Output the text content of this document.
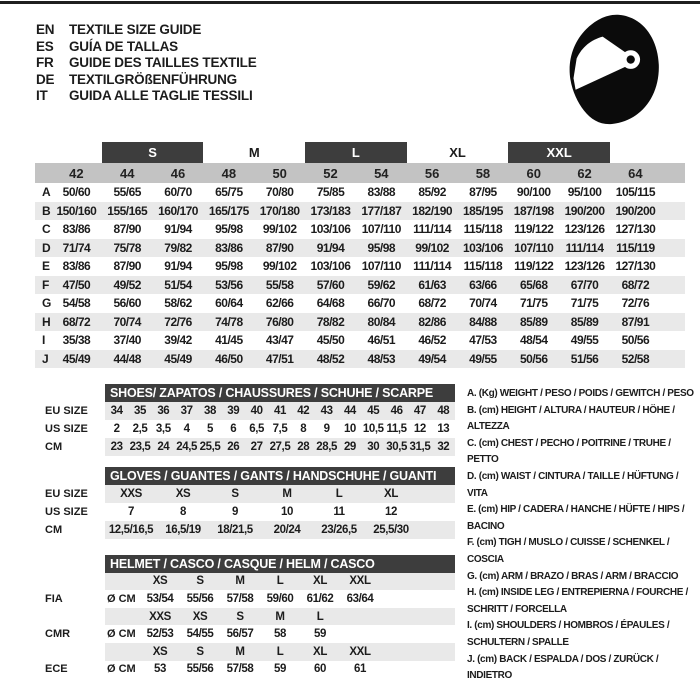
EN	TEXTILE SIZE GUIDE
ES	GUÍA DE TALLAS
FR	GUIDE DES TAILLES TEXTILE
DE	TEXTILGRÖßENFÜHRUNG
IT	GUIDA ALLE TAGLIE TESSILI
		S		M		L		XL		XXL			
	42	44	46	48	50	52	54	56	58	60	62	64	
A	50/60	55/65	60/70	65/75	70/80	75/85	83/88	85/92	87/95	90/100	95/100	105/115	
B	150/160	155/165	160/170	165/175	170/180	173/183	177/187	182/190	185/195	187/198	190/200	190/200	
C	83/86	87/90	91/94	95/98	99/102	103/106	107/110	111/114	115/118	119/122	123/126	127/130	
D	71/74	75/78	79/82	83/86	87/90	91/94	95/98	99/102	103/106	107/110	111/114	115/119	
E	83/86	87/90	91/94	95/98	99/102	103/106	107/110	111/114	115/118	119/122	123/126	127/130	
F	47/50	49/52	51/54	53/56	55/58	57/60	59/62	61/63	63/66	65/68	67/70	68/72	
G	54/58	56/60	58/62	60/64	62/66	64/68	66/70	68/72	70/74	71/75	71/75	72/76	
H	68/72	70/74	72/76	74/78	76/80	78/82	80/84	82/86	84/88	85/89	85/89	87/91	
I	35/38	37/40	39/42	41/45	43/47	45/50	46/51	46/52	47/53	48/54	49/55	50/56	
J	45/49	44/48	45/49	46/50	47/51	48/52	48/53	49/54	49/55	50/56	51/56	52/58	
	SHOES/ ZAPATOS / CHAUSSURES / SCHUHE / SCARPE														
EU SIZE	34	35	36	37	38	39	40	41	42	43	44	45	46	47	48
US SIZE	2	2,5	3,5	4	5	6	6,5	7,5	8	9	10	10,5	11,5	12	13
CM	23	23,5	24	24,5	25,5	26	27	27,5	28	28,5	29	30	30,5	31,5	32
	GLOVES / GUANTES / GANTS / HANDSCHUHE / GUANTI						
EU SIZE	XXS	XS	S	M	L	XL	
US SIZE	7	8	9	10	11	12	
CM	12,5/16,5	16,5/19	18/21,5	20/24	23/26,5	25,5/30	
	HELMET / CASCO / CASQUE / HELM / CASCO							
		XS	S	M	L	XL	XXL	
FIA	Ø CM	53/54	55/56	57/58	59/60	61/62	63/64	
		XXS	XS	S	M	L		
CMR	Ø CM	52/53	54/55	56/57	58	59		
		XS	S	M	L	XL	XXL	
ECE	Ø CM	53	55/56	57/58	59	60	61	
A. (Kg) WEIGHT / PESO / POIDS / GEWITCH / PESO
B. (cm) HEIGHT / ALTURA / HAUTEUR / HÖHE / ALTEZZA
C. (cm) CHEST / PECHO / POITRINE / TRUHE / PETTO
D. (cm) WAIST / CINTURA / TAILLE / HÜFTUNG / VITA
E. (cm) HIP / CADERA / HANCHE / HÜFTE / HIPS / BACINO
F. (cm) TIGH / MUSLO / CUISSE / SCHENKEL / COSCIA
G. (cm) ARM / BRAZO / BRAS / ARM / BRACCIO
H. (cm) INSIDE LEG / ENTREPIERNA / FOURCHE / SCHRITT / FORCELLA
I. (cm) SHOULDERS / HOMBROS / ÉPAULES / SCHULTERN / SPALLE
J. (cm) BACK / ESPALDA / DOS / ZURÜCK / INDIETRO
